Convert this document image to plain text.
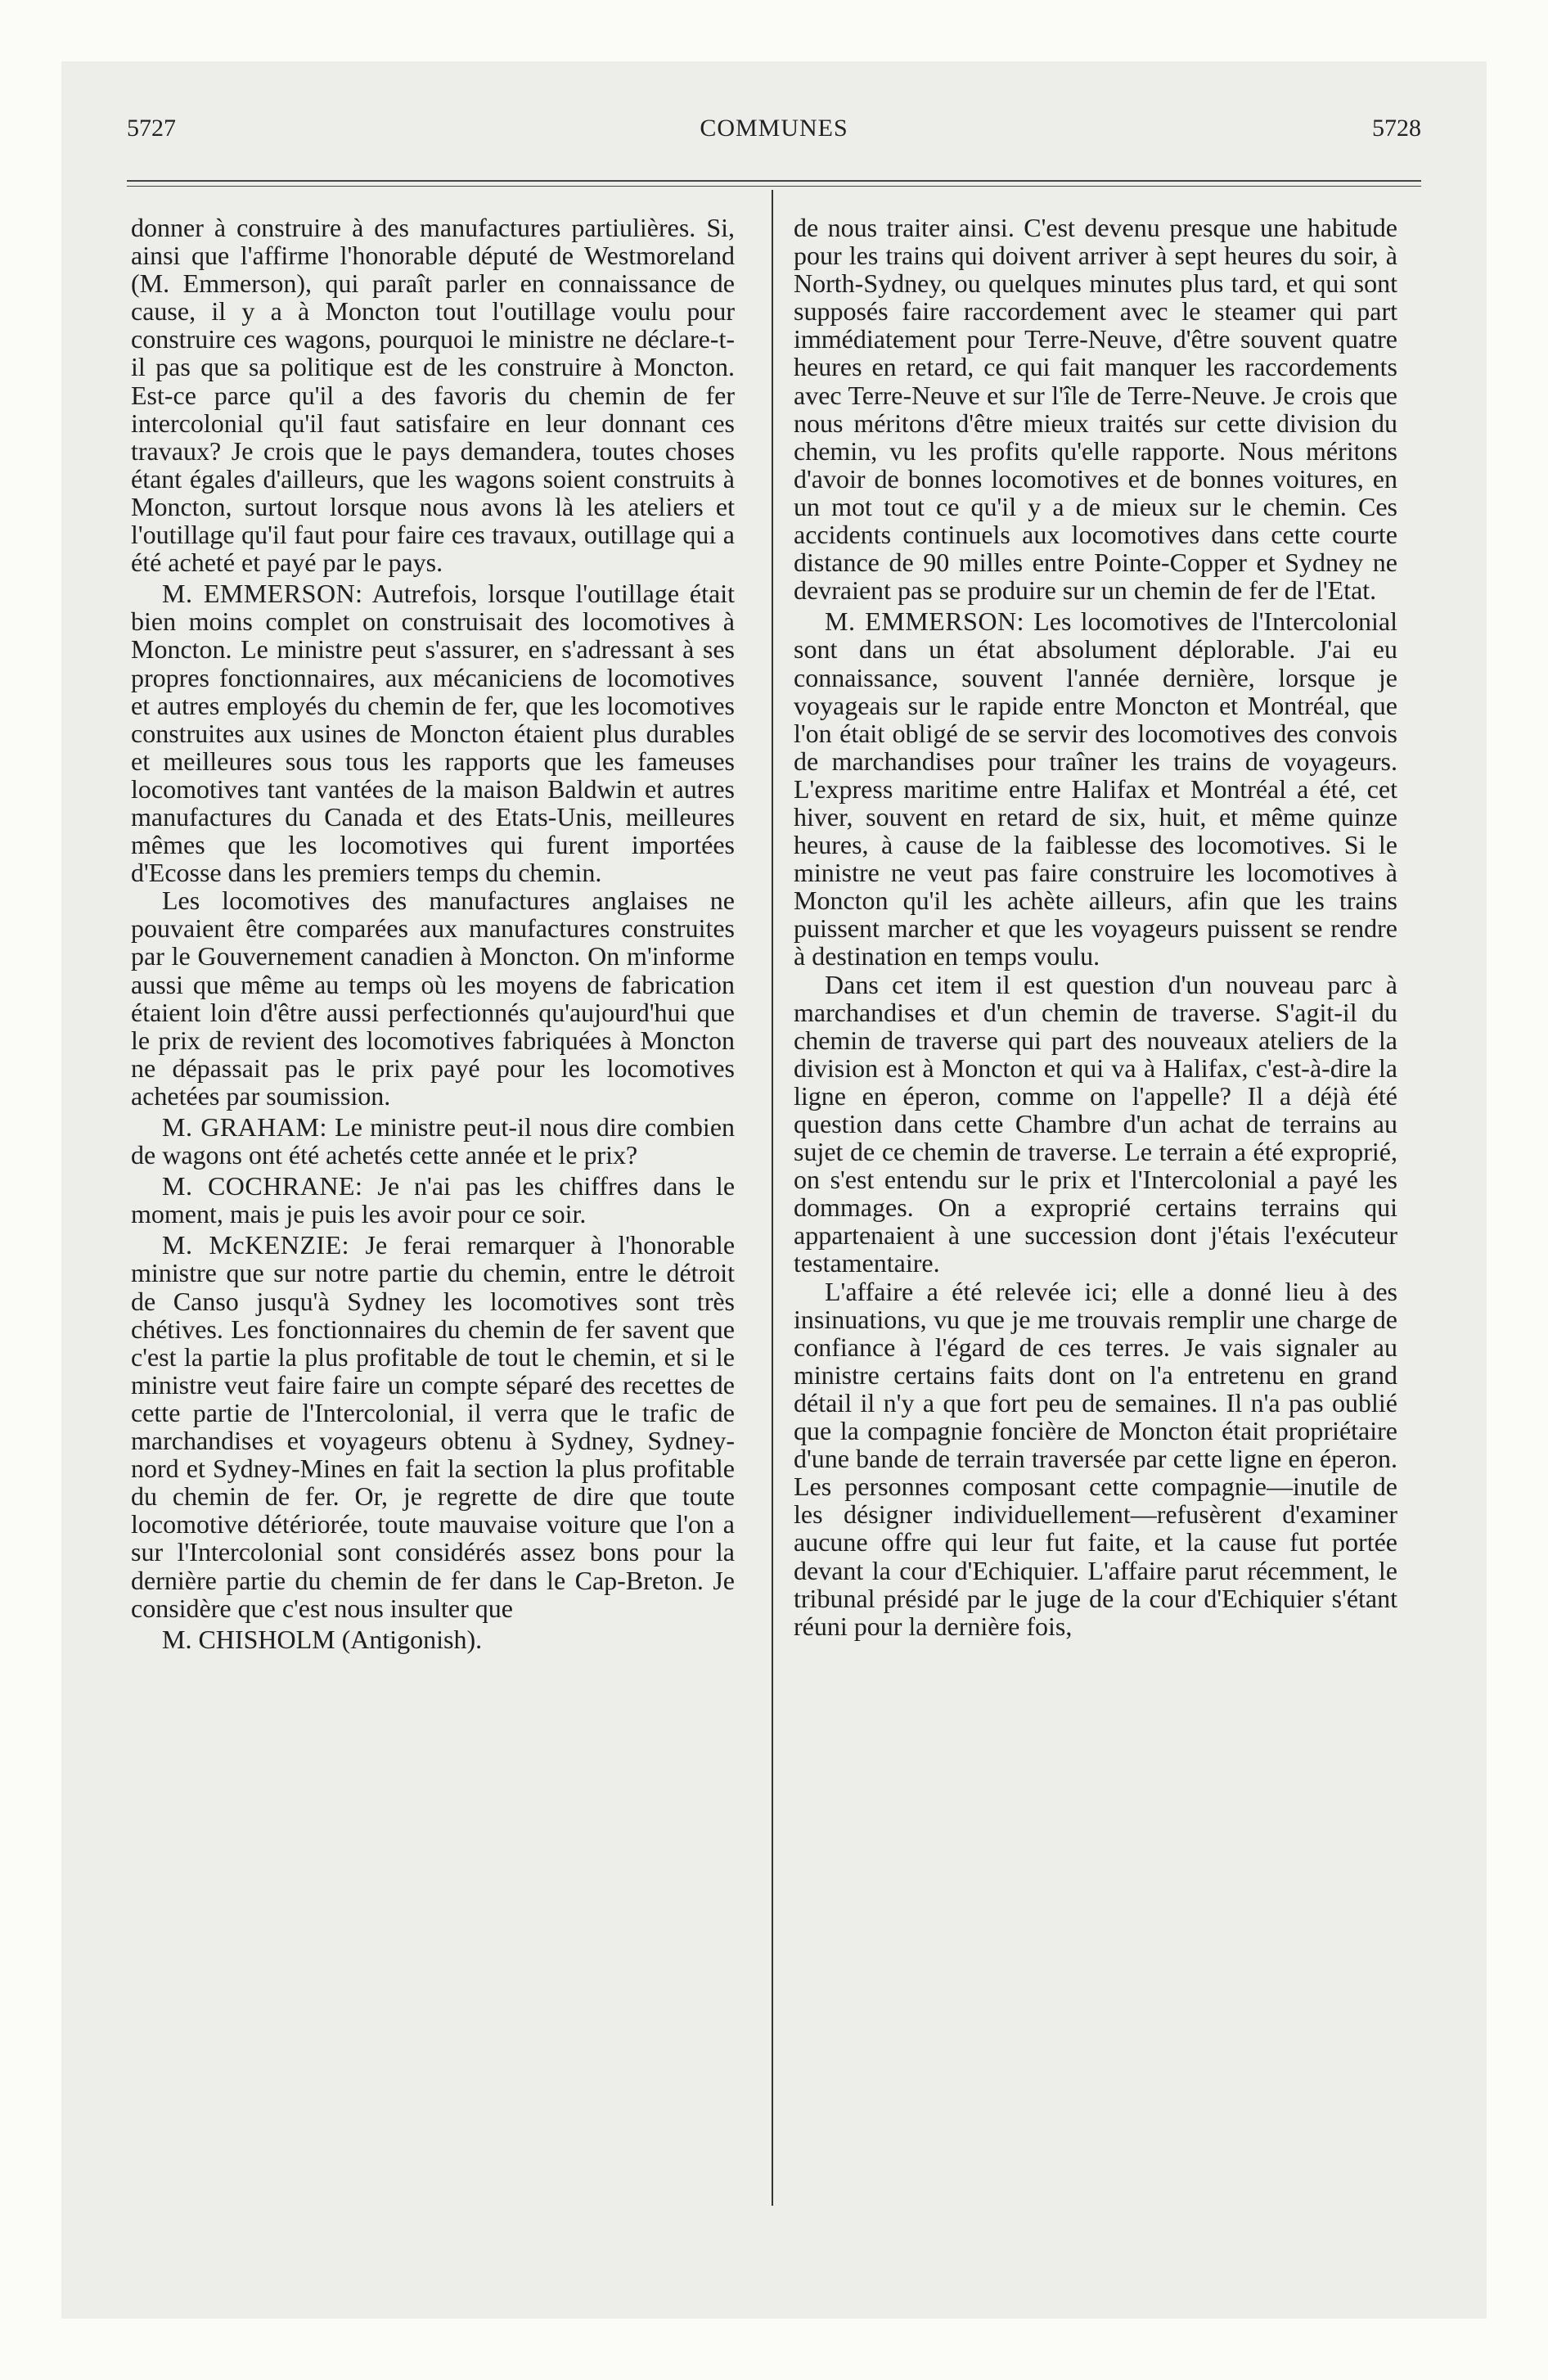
5727	COMMUNES	5728

donner à construire à des manufactures partiulières. Si, ainsi que l'affirme l'honorable député de Westmoreland (M. Emmerson), qui paraît parler en connaissance de cause, il y a à Moncton tout l'outillage voulu pour construire ces wagons, pourquoi le ministre ne déclare-t-il pas que sa politique est de les construire à Moncton. Est-ce parce qu'il a des favoris du chemin de fer intercolonial qu'il faut satisfaire en leur donnant ces travaux? Je crois que le pays demandera, toutes choses étant égales d'ailleurs, que les wagons soient construits à Moncton, surtout lorsque nous avons là les ateliers et l'outillage qu'il faut pour faire ces travaux, outillage qui a été acheté et payé par le pays.

M. EMMERSON: Autrefois, lorsque l'outillage était bien moins complet on construisait des locomotives à Moncton. Le ministre peut s'assurer, en s'adressant à ses propres fonctionnaires, aux mécaniciens de locomotives et autres employés du chemin de fer, que les locomotives construites aux usines de Moncton étaient plus durables et meilleures sous tous les rapports que les fameuses locomotives tant vantées de la maison Baldwin et autres manufactures du Canada et des Etats-Unis, meilleures mêmes que les locomotives qui furent importées d'Ecosse dans les premiers temps du chemin.

Les locomotives des manufactures anglaises ne pouvaient être comparées aux manufactures construites par le Gouvernement canadien à Moncton. On m'informe aussi que même au temps où les moyens de fabrication étaient loin d'être aussi perfectionnés qu'aujourd'hui que le prix de revient des locomotives fabriquées à Moncton ne dépassait pas le prix payé pour les locomotives achetées par soumission.

M. GRAHAM: Le ministre peut-il nous dire combien de wagons ont été achetés cette année et le prix?

M. COCHRANE: Je n'ai pas les chiffres dans le moment, mais je puis les avoir pour ce soir.

M. McKENZIE: Je ferai remarquer à l'honorable ministre que sur notre partie du chemin, entre le détroit de Canso jusqu'à Sydney les locomotives sont très chétives. Les fonctionnaires du chemin de fer savent que c'est la partie la plus profitable de tout le chemin, et si le ministre veut faire faire un compte séparé des recettes de cette partie de l'Intercolonial, il verra que le trafic de marchandises et voyageurs obtenu à Sydney, Sydney-nord et Sydney-Mines en fait la section la plus profitable du chemin de fer. Or, je regrette de dire que toute locomotive détériorée, toute mauvaise voiture que l'on a sur l'Intercolonial sont considérés assez bons pour la dernière partie du chemin de fer dans le Cap-Breton. Je considère que c'est nous insulter que

M. CHISHOLM (Antigonish).

de nous traiter ainsi. C'est devenu presque une habitude pour les trains qui doivent arriver à sept heures du soir, à North-Sydney, ou quelques minutes plus tard, et qui sont supposés faire raccordement avec le steamer qui part immédiatement pour Terre-Neuve, d'être souvent quatre heures en retard, ce qui fait manquer les raccordements avec Terre-Neuve et sur l'île de Terre-Neuve. Je crois que nous méritons d'être mieux traités sur cette division du chemin, vu les profits qu'elle rapporte. Nous méritons d'avoir de bonnes locomotives et de bonnes voitures, en un mot tout ce qu'il y a de mieux sur le chemin. Ces accidents continuels aux locomotives dans cette courte distance de 90 milles entre Pointe-Copper et Sydney ne devraient pas se produire sur un chemin de fer de l'Etat.

M. EMMERSON: Les locomotives de l'Intercolonial sont dans un état absolument déplorable. J'ai eu connaissance, souvent l'année dernière, lorsque je voyageais sur le rapide entre Moncton et Montréal, que l'on était obligé de se servir des locomotives des convois de marchandises pour traîner les trains de voyageurs. L'express maritime entre Halifax et Montréal a été, cet hiver, souvent en retard de six, huit, et même quinze heures, à cause de la faiblesse des locomotives. Si le ministre ne veut pas faire construire les locomotives à Moncton qu'il les achète ailleurs, afin que les trains puissent marcher et que les voyageurs puissent se rendre à destination en temps voulu.

Dans cet item il est question d'un nouveau parc à marchandises et d'un chemin de traverse. S'agit-il du chemin de traverse qui part des nouveaux ateliers de la division est à Moncton et qui va à Halifax, c'est-à-dire la ligne en éperon, comme on l'appelle? Il a déjà été question dans cette Chambre d'un achat de terrains au sujet de ce chemin de traverse. Le terrain a été exproprié, on s'est entendu sur le prix et l'Intercolonial a payé les dommages. On a exproprié certains terrains qui appartenaient à une succession dont j'étais l'exécuteur testamentaire.

L'affaire a été relevée ici; elle a donné lieu à des insinuations, vu que je me trouvais remplir une charge de confiance à l'égard de ces terres. Je vais signaler au ministre certains faits dont on l'a entretenu en grand détail il n'y a que fort peu de semaines. Il n'a pas oublié que la compagnie foncière de Moncton était propriétaire d'une bande de terrain traversée par cette ligne en éperon. Les personnes composant cette compagnie—inutile de les désigner individuellement—refusèrent d'examiner aucune offre qui leur fut faite, et la cause fut portée devant la cour d'Echiquier. L'affaire parut récemment, le tribunal présidé par le juge de la cour d'Echiquier s'étant réuni pour la dernière fois,
